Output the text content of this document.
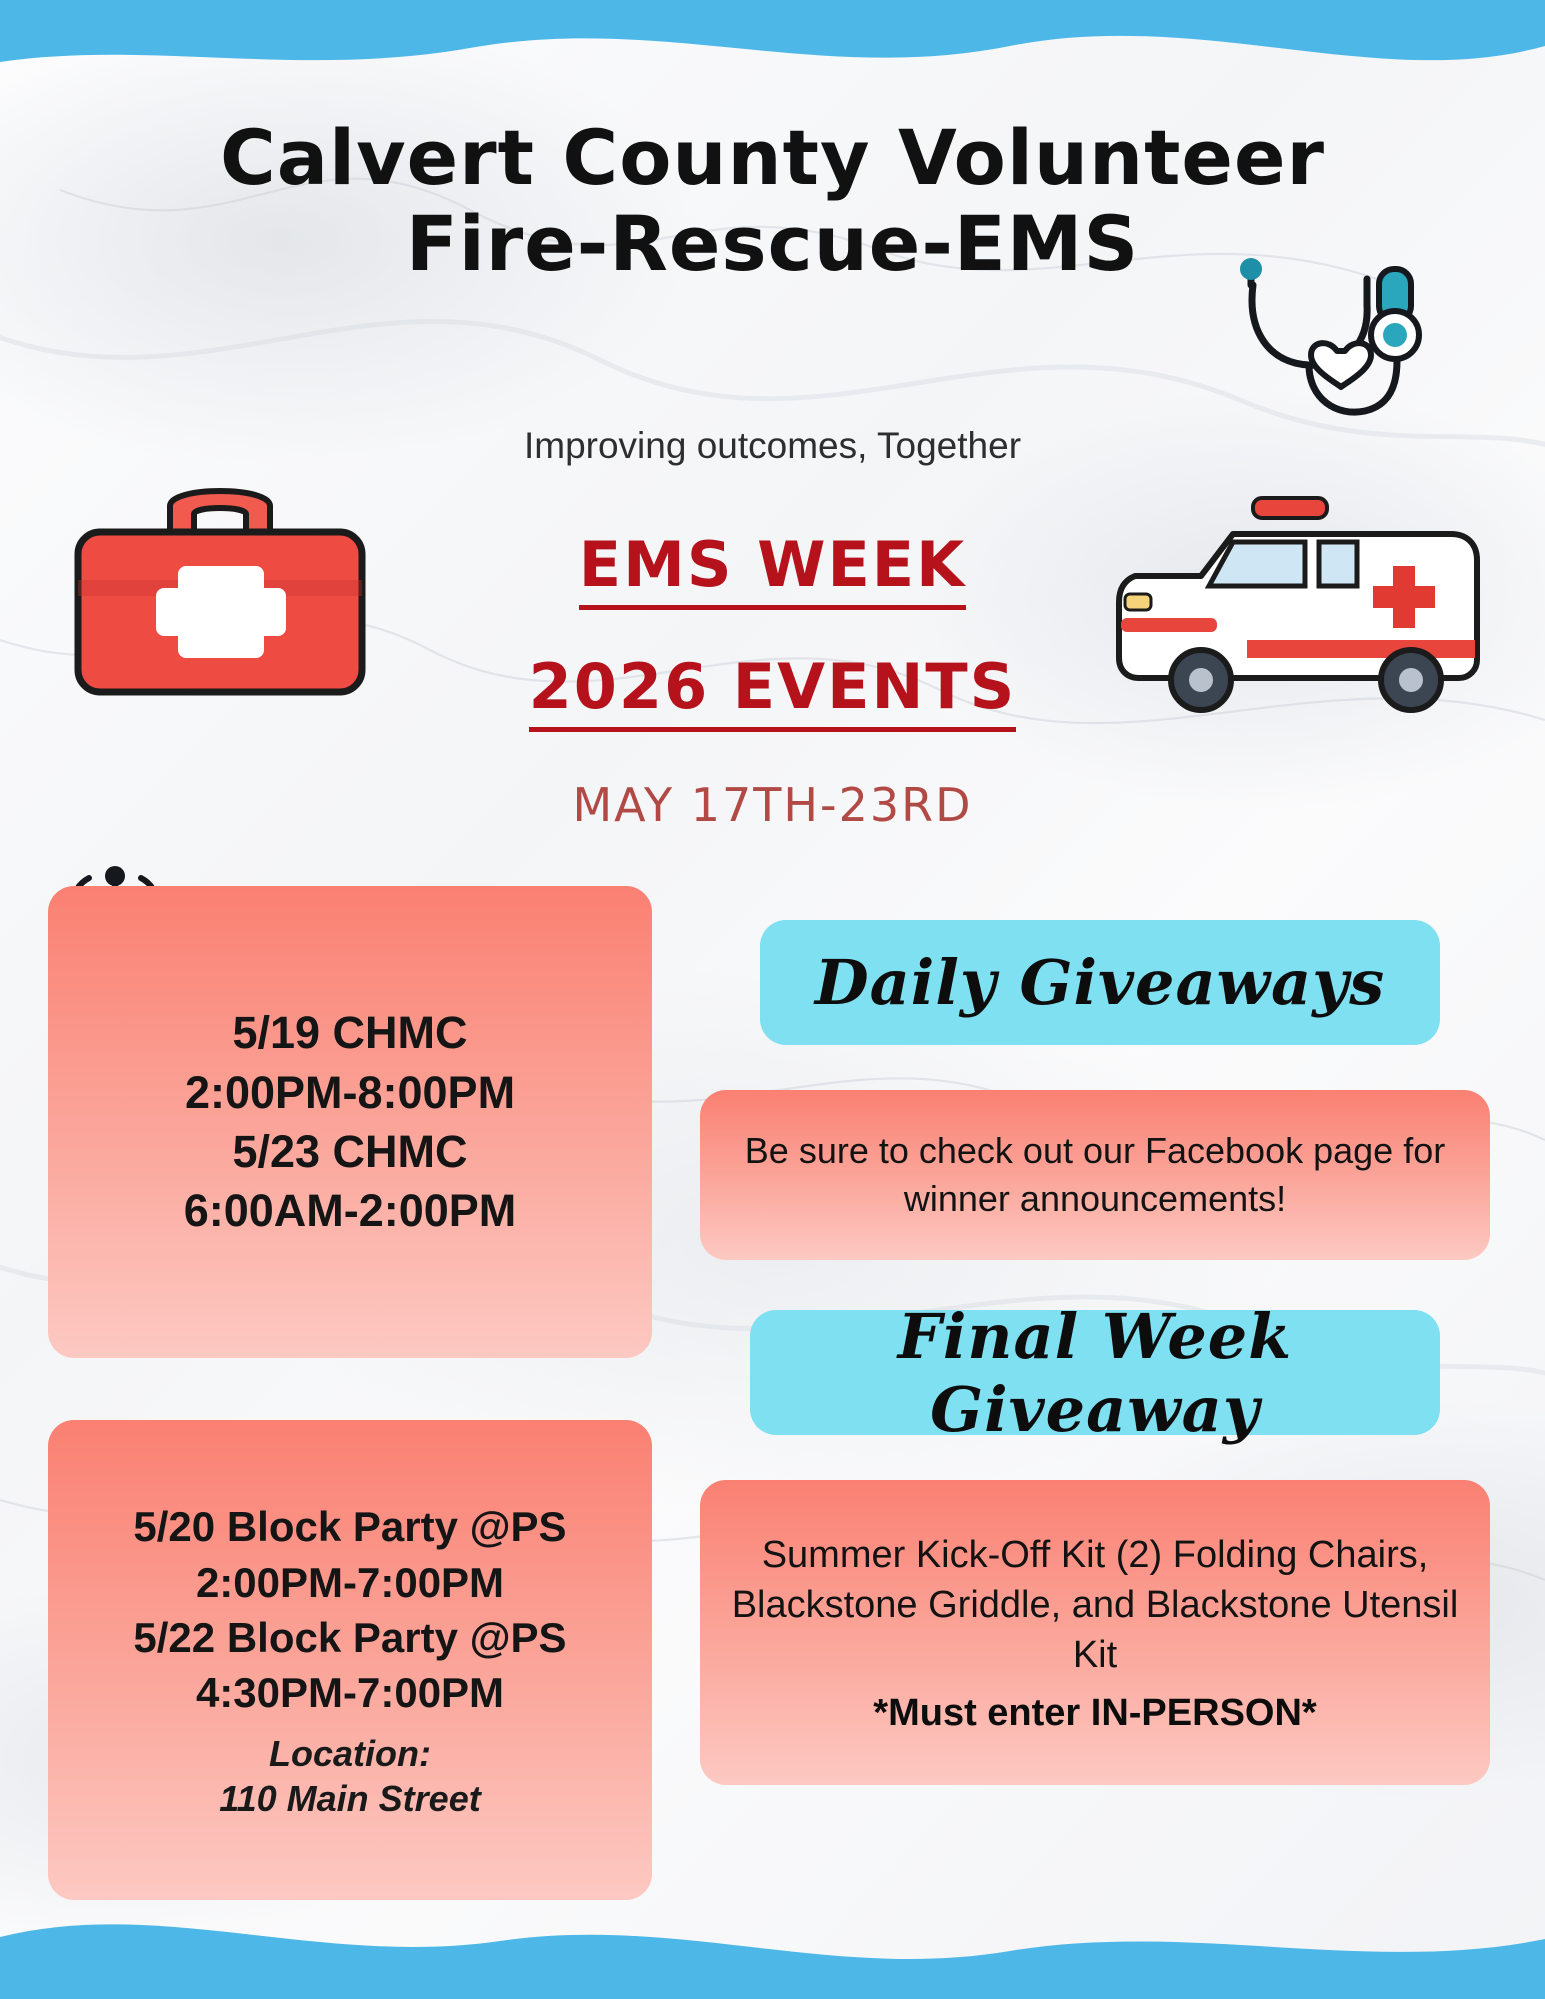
Calvert County Volunteer
Fire-Rescue-EMS
Improving outcomes, Together
EMS WEEK
2026 EVENTS
MAY 17TH-23RD
5/19 CHMC
2:00PM-8:00PM
5/23 CHMC
6:00AM-2:00PM
5/20 Block Party @PS
2:00PM-7:00PM
5/22 Block Party @PS
4:30PM-7:00PM
Location:
110 Main Street
Daily Giveaways
Be sure to check out our Facebook page for winner announcements!
Final Week Giveaway
Summer Kick-Off Kit (2) Folding Chairs, Blackstone Griddle, and Blackstone Utensil Kit
*Must enter IN-PERSON*
